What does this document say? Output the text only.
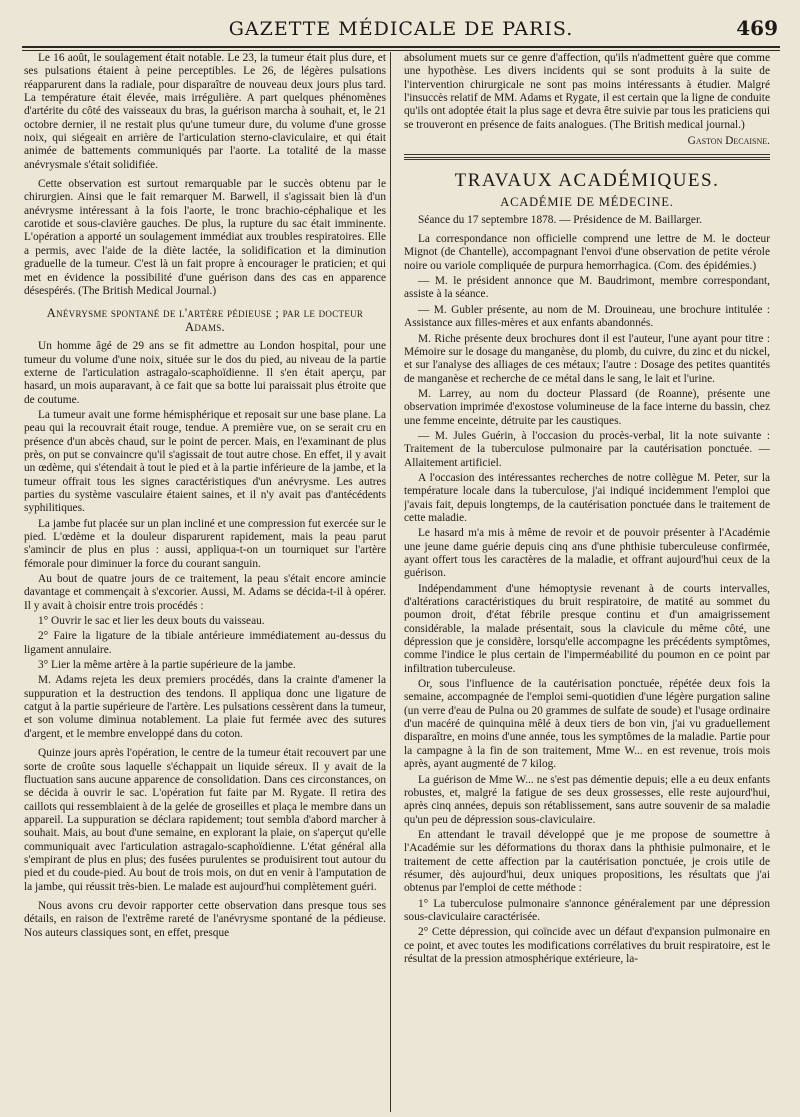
GAZETTE MÉDICALE DE PARIS.	469

Le 16 août, le soulagement était notable. Le 23, la tumeur était plus dure, et ses pulsations étaient à peine perceptibles. Le 26, de légères pulsations réapparurent dans la radiale, pour disparaître de nouveau deux jours plus tard. La température était élevée, mais irrégulière. A part quelques phénomènes d'artérite du côté des vaisseaux du bras, la guérison marcha à souhait, et, le 21 octobre dernier, il ne restait plus qu'une tumeur dure, du volume d'une grosse noix, qui siégeait en arrière de l'articulation sterno-claviculaire, et qui était animée de battements communiqués par l'aorte. La totalité de la masse anévrysmale s'était solidifiée.

Cette observation est surtout remarquable par le succès obtenu par le chirurgien. Ainsi que le fait remarquer M. Barwell, il s'agissait bien là d'un anévrysme intéressant à la fois l'aorte, le tronc brachio-céphalique et les carotide et sous-clavière gauches. De plus, la rupture du sac était imminente. L'opération a apporté un soulagement immédiat aux troubles respiratoires. Elle a permis, avec l'aide de la diète lactée, la solidification et la diminution graduelle de la tumeur. C'est là un fait propre à encourager le praticien; et qui met en évidence la possibilité d'une guérison dans des cas en apparence désespérés. (The British Medical Journal.)

Anévrysme spontané de l'artère pédieuse ; par le docteur Adams.

Un homme âgé de 29 ans se fit admettre au London hospital, pour une tumeur du volume d'une noix, située sur le dos du pied, au niveau de la partie externe de l'articulation astragalo-scaphoïdienne. Il s'en était aperçu, par hasard, un mois auparavant, à ce fait que sa botte lui paraissait plus étroite que de coutume.

La tumeur avait une forme hémisphérique et reposait sur une base plane. La peau qui la recouvrait était rouge, tendue. A première vue, on se serait cru en présence d'un abcès chaud, sur le point de percer. Mais, en l'examinant de plus près, on put se convaincre qu'il s'agissait de tout autre chose. En effet, il y avait un œdème, qui s'étendait à tout le pied et à la partie inférieure de la jambe, et la tumeur offrait tous les signes caractéristiques d'un anévrysme. Les autres parties du système vasculaire étaient saines, et il n'y avait pas d'antécédents syphilitiques.

La jambe fut placée sur un plan incliné et une compression fut exercée sur le pied. L'œdème et la douleur disparurent rapidement, mais la peau parut s'amincir de plus en plus : aussi, appliqua-t-on un tourniquet sur l'artère fémorale pour diminuer la force du courant sanguin.

Au bout de quatre jours de ce traitement, la peau s'était encore amincie davantage et commençait à s'excorier. Aussi, M. Adams se décida-t-il à opérer. Il y avait à choisir entre trois procédés :

1° Ouvrir le sac et lier les deux bouts du vaisseau.

2° Faire la ligature de la tibiale antérieure immédiatement au-dessus du ligament annulaire.

3° Lier la même artère à la partie supérieure de la jambe.

M. Adams rejeta les deux premiers procédés, dans la crainte d'amener la suppuration et la destruction des tendons. Il appliqua donc une ligature de catgut à la partie supérieure de l'artère. Les pulsations cessèrent dans la tumeur, et son volume diminua notablement. La plaie fut fermée avec des sutures d'argent, et le membre enveloppé dans du coton.

Quinze jours après l'opération, le centre de la tumeur était recouvert par une sorte de croûte sous laquelle s'échappait un liquide séreux. Il y avait de la fluctuation sans aucune apparence de consolidation. Dans ces circonstances, on se décida à ouvrir le sac. L'opération fut faite par M. Rygate. Il retira des caillots qui ressemblaient à de la gelée de groseilles et plaça le membre dans un appareil. La suppuration se déclara rapidement; tout sembla d'abord marcher à souhait. Mais, au bout d'une semaine, en explorant la plaie, on s'aperçut qu'elle communiquait avec l'articulation astragalo-scaphoïdienne. L'état général alla s'empirant de plus en plus; des fusées purulentes se produisirent tout autour du pied et du coude-pied. Au bout de trois mois, on dut en venir à l'amputation de la jambe, qui réussit très-bien. Le malade est aujourd'hui complètement guéri.

Nous avons cru devoir rapporter cette observation dans presque tous ses détails, en raison de l'extrême rareté de l'anévrysme spontané de la pédieuse. Nos auteurs classiques sont, en effet, presque

absolument muets sur ce genre d'affection, qu'ils n'admettent guère que comme une hypothèse. Les divers incidents qui se sont produits à la suite de l'intervention chirurgicale ne sont pas moins intéressants à étudier. Malgré l'insuccès relatif de MM. Adams et Rygate, il est certain que la ligne de conduite qu'ils ont adoptée était la plus sage et devra être suivie par tous les praticiens qui se trouveront en présence de faits analogues. (The British medical journal.)

Gaston Decaisne.

TRAVAUX ACADÉMIQUES.

ACADÉMIE DE MÉDECINE.

Séance du 17 septembre 1878. — Présidence de M. Baillarger.

La correspondance non officielle comprend une lettre de M. le docteur Mignot (de Chantelle), accompagnant l'envoi d'une observation de petite vérole noire ou variole compliquée de purpura hemorrhagica. (Com. des épidémies.)

— M. le président annonce que M. Baudrimont, membre correspondant, assiste à la séance.

— M. Gubler présente, au nom de M. Drouineau, une brochure intitulée : Assistance aux filles-mères et aux enfants abandonnés.

M. Riche présente deux brochures dont il est l'auteur, l'une ayant pour titre : Mémoire sur le dosage du manganèse, du plomb, du cuivre, du zinc et du nickel, et sur l'analyse des alliages de ces métaux; l'autre : Dosage des petites quantités de manganèse et recherche de ce métal dans le sang, le lait et l'urine.

M. Larrey, au nom du docteur Plassard (de Roanne), présente une observation imprimée d'exostose volumineuse de la face interne du bassin, chez une femme enceinte, détruite par les caustiques.

— M. Jules Guérin, à l'occasion du procès-verbal, lit la note suivante : Traitement de la tuberculose pulmonaire par la cautérisation ponctuée. — Allaitement artificiel.

A l'occasion des intéressantes recherches de notre collègue M. Peter, sur la température locale dans la tuberculose, j'ai indiqué incidemment l'emploi que j'avais fait, depuis longtemps, de la cautérisation ponctuée dans le traitement de cette maladie.

Le hasard m'a mis à même de revoir et de pouvoir présenter à l'Académie une jeune dame guérie depuis cinq ans d'une phthisie tuberculeuse confirmée, ayant offert tous les caractères de la maladie, et offrant aujourd'hui ceux de la guérison.

Indépendamment d'une hémoptysie revenant à de courts intervalles, d'altérations caractéristiques du bruit respiratoire, de matité au sommet du poumon droit, d'état fébrile presque continu et d'un amaigrissement considérable, la malade présentait, sous la clavicule du même côté, une dépression que je considère, lorsqu'elle accompagne les précédents symptômes, comme l'indice le plus certain de l'imperméabilité du poumon en ce point par infiltration tuberculeuse.

Or, sous l'influence de la cautérisation ponctuée, répétée deux fois la semaine, accompagnée de l'emploi semi-quotidien d'une légère purgation saline (un verre d'eau de Pulna ou 20 grammes de sulfate de soude) et l'usage ordinaire d'un macéré de quinquina mêlé à deux tiers de bon vin, j'ai vu graduellement disparaître, en moins d'une année, tous les symptômes de la maladie. Partie pour la campagne à la fin de son traitement, Mme W... en est revenue, trois mois après, ayant augmenté de 7 kilog.

La guérison de Mme W... ne s'est pas démentie depuis; elle a eu deux enfants robustes, et, malgré la fatigue de ses deux grossesses, elle reste aujourd'hui, après cinq années, depuis son rétablissement, sans autre souvenir de sa maladie qu'un peu de dépression sous-claviculaire.

En attendant le travail développé que je me propose de soumettre à l'Académie sur les déformations du thorax dans la phthisie pulmonaire, et le traitement de cette affection par la cautérisation ponctuée, je crois utile de résumer, dès aujourd'hui, deux uniques propositions, les résultats que j'ai obtenus par l'emploi de cette méthode :

1° La tuberculose pulmonaire s'annonce généralement par une dépression sous-claviculaire caractérisée.

2° Cette dépression, qui coïncide avec un défaut d'expansion pulmonaire en ce point, et avec toutes les modifications corrélatives du bruit respiratoire, est le résultat de la pression atmosphérique extérieure, la-
